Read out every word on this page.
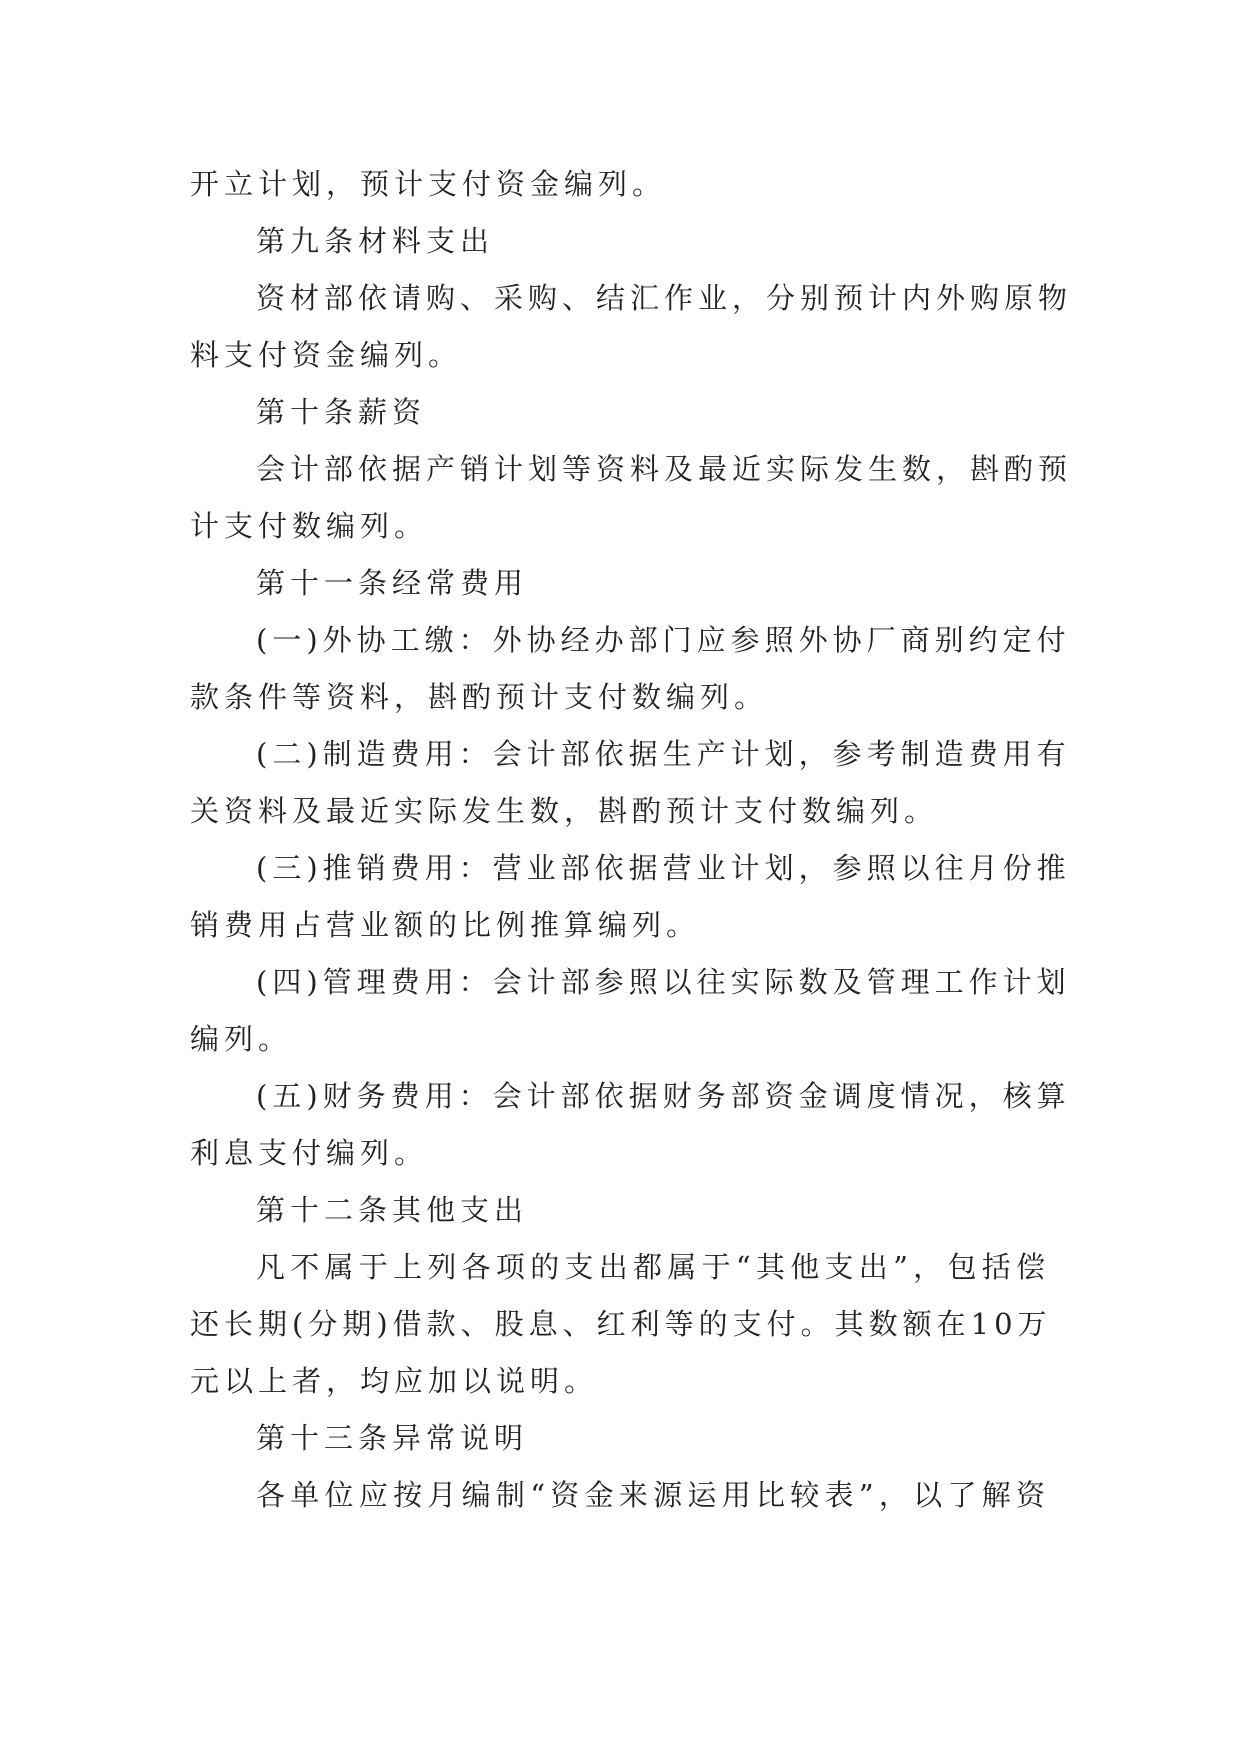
开立计划，预计支付资金编列。
第九条材料支出
资材部依请购、采购、结汇作业，分别预计内外购原物
料支付资金编列。
第十条薪资
会计部依据产销计划等资料及最近实际发生数，斟酌预
计支付数编列。
第十一条经常费用
(一)外协工缴：外协经办部门应参照外协厂商别约定付
款条件等资料，斟酌预计支付数编列。
(二)制造费用：会计部依据生产计划，参考制造费用有
关资料及最近实际发生数，斟酌预计支付数编列。
(三)推销费用：营业部依据营业计划，参照以往月份推
销费用占营业额的比例推算编列。
(四)管理费用：会计部参照以往实际数及管理工作计划
编列。
(五)财务费用：会计部依据财务部资金调度情况，核算
利息支付编列。
第十二条其他支出
凡不属于上列各项的支出都属于“其他支出”，包括偿
还长期(分期)借款、股息、红利等的支付。其数额在10万
元以上者，均应加以说明。
第十三条异常说明
各单位应按月编制“资金来源运用比较表”，以了解资
